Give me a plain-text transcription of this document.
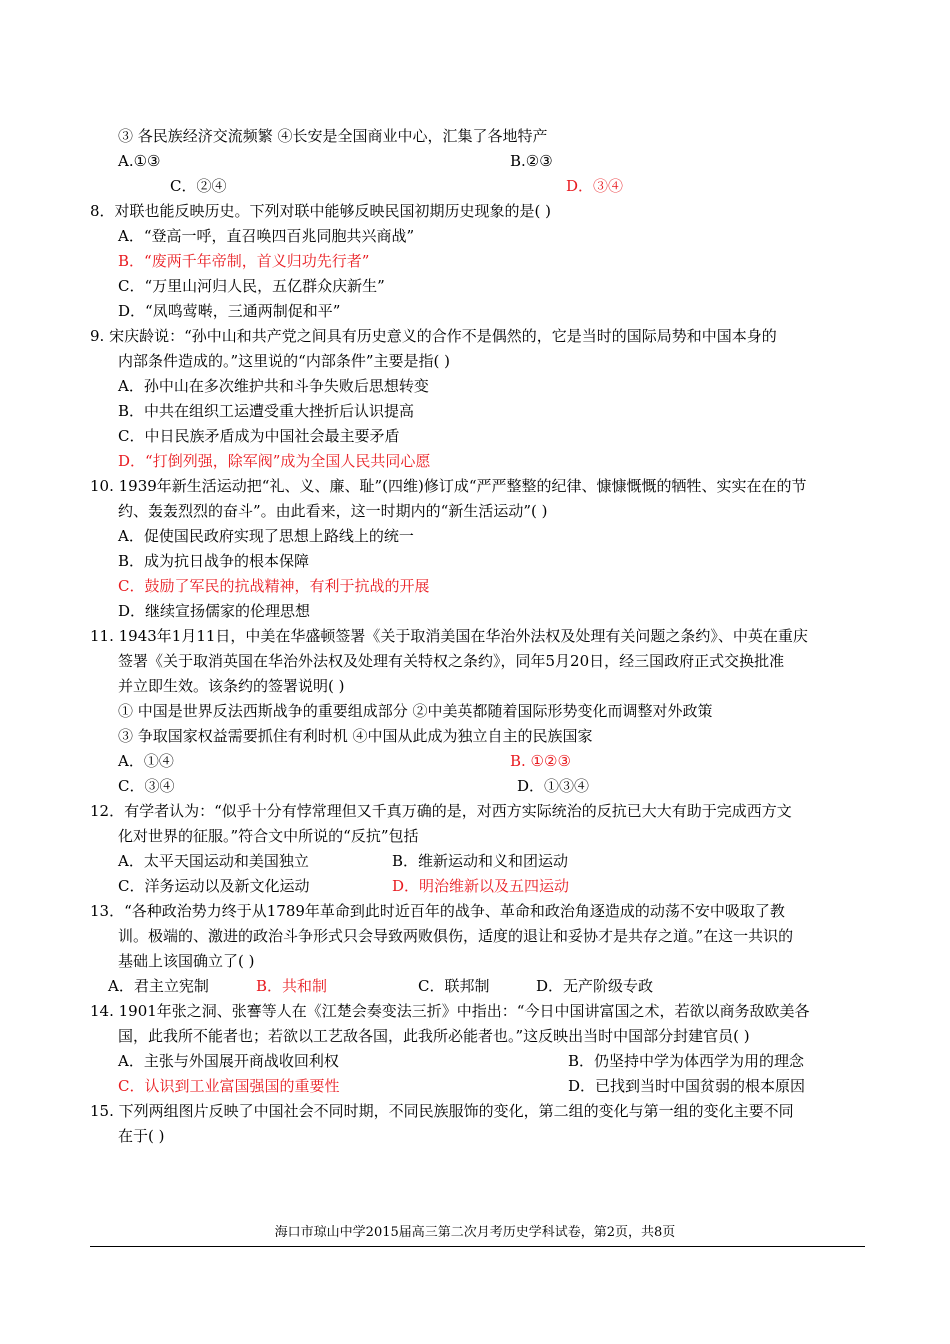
③ 各民族经济交流频繁 ④长安是全国商业中心，汇集了各地特产
A.①③	B.②③
C．②④	D．③④
8．对联也能反映历史。下列对联中能够反映民国初期历史现象的是( )
A．“登高一呼，直召唤四百兆同胞共兴商战”
B．“废两千年帝制，首义归功先行者”
C．“万里山河归人民，五亿群众庆新生”
D．“凤鸣莺啭，三通两制促和平”
9. 宋庆龄说：“孙中山和共产党之间具有历史意义的合作不是偶然的，它是当时的国际局势和中国本身的
内部条件造成的。”这里说的“内部条件”主要是指( )
A．孙中山在多次维护共和斗争失败后思想转变
B．中共在组织工运遭受重大挫折后认识提高
C．中日民族矛盾成为中国社会最主要矛盾
D．“打倒列强，除军阀”成为全国人民共同心愿
10. 1939年新生活运动把“礼、义、廉、耻”(四维)修订成“严严整整的纪律、慷慷慨慨的牺牲、实实在在的节
约、轰轰烈烈的奋斗”。由此看来，这一时期内的“新生活运动”( )
A．促使国民政府实现了思想上路线上的统一
B．成为抗日战争的根本保障
C．鼓励了军民的抗战精神，有利于抗战的开展
D．继续宣扬儒家的伦理思想
11. 1943年1月11日，中美在华盛顿签署《关于取消美国在华治外法权及处理有关问题之条约》、中英在重庆
签署《关于取消英国在华治外法权及处理有关特权之条约》，同年5月20日，经三国政府正式交换批准
并立即生效。该条约的签署说明( )
① 中国是世界反法西斯战争的重要组成部分 ②中美英都随着国际形势变化而调整对外政策
③ 争取国家权益需要抓住有利时机 ④中国从此成为独立自主的民族国家
A．①④	B. ①②③
C．③④	D．①③④
12．有学者认为：“似乎十分有悖常理但又千真万确的是，对西方实际统治的反抗已大大有助于完成西方文
化对世界的征服。”符合文中所说的“反抗”包括
A．太平天国运动和美国独立	B．维新运动和义和团运动
C．洋务运动以及新文化运动	D．明治维新以及五四运动
13．“各种政治势力终于从1789年革命到此时近百年的战争、革命和政治角逐造成的动荡不安中吸取了教
训。极端的、激进的政治斗争形式只会导致两败俱伤，适度的退让和妥协才是共存之道。”在这一共识的
基础上该国确立了( )
A．君主立宪制	B．共和制	C．联邦制	D．无产阶级专政
14. 1901年张之洞、张謇等人在《江楚会奏变法三折》中指出：“今日中国讲富国之术，若欲以商务敌欧美各
国，此我所不能者也；若欲以工艺敌各国，此我所必能者也。”这反映出当时中国部分封建官员( )
A．主张与外国展开商战收回利权	B．仍坚持中学为体西学为用的理念
C．认识到工业富国强国的重要性	D．已找到当时中国贫弱的根本原因
15. 下列两组图片反映了中国社会不同时期，不同民族服饰的变化，第二组的变化与第一组的变化主要不同
在于( )
海口市琼山中学2015届高三第二次月考历史学科试卷，第2页，共8页
